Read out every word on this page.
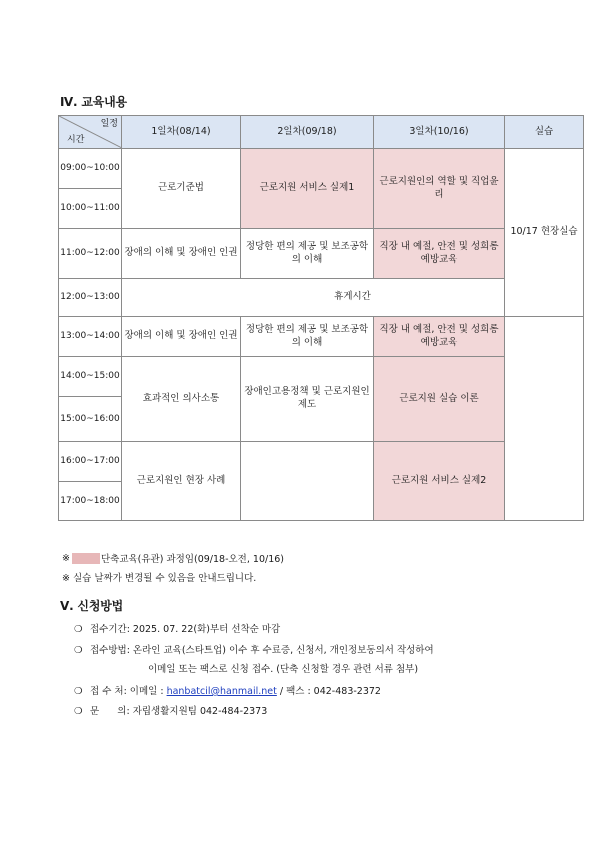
Ⅳ. 교육내용
일정
시간	1일차(08/14)	2일차(09/18)	3일차(10/16)	실습
09:00~10:00	근로기준법	근로지원 서비스 실제1	근로지원인의 역할 및 직업윤리	10/17 현장실습
10:00~11:00				
11:00~12:00	장애의 이해 및 장애인 인권	정당한 편의 제공 및 보조공학의 이해	직장 내 예절, 안전 및 성희롱 예방교육	
12:00~13:00	휴게시간			
13:00~14:00	장애의 이해 및 장애인 인권	정당한 편의 제공 및 보조공학의 이해	직장 내 예절, 안전 및 성희롱 예방교육	
14:00~15:00	효과적인 의사소통	장애인고용정책 및 근로지원인 제도	근로지원 실습 이론	
15:00~16:00				
16:00~17:00	근로지원인 현장 사례		근로지원 서비스 실제2	
17:00~18:00				
※	단축교육(유관) 과정임(09/18-오전, 10/16)
※ 실습 날짜가 변경될 수 있음을 안내드립니다.
Ⅴ. 신청방법
❍ 접수기간: 2025. 07. 22(화)부터 선착순 마감
❍ 접수방법: 온라인 교육(스타트업) 이수 후 수료증, 신청서, 개인정보동의서 작성하여
이메일 또는 팩스로 신청 접수. (단축 신청할 경우 관련 서류 첨부)
❍ 접 수 처: 이메일 : hanbatcil@hanmail.net / 팩스 : 042-483-2372
❍ 문      의: 자립생활지원팀 042-484-2373
